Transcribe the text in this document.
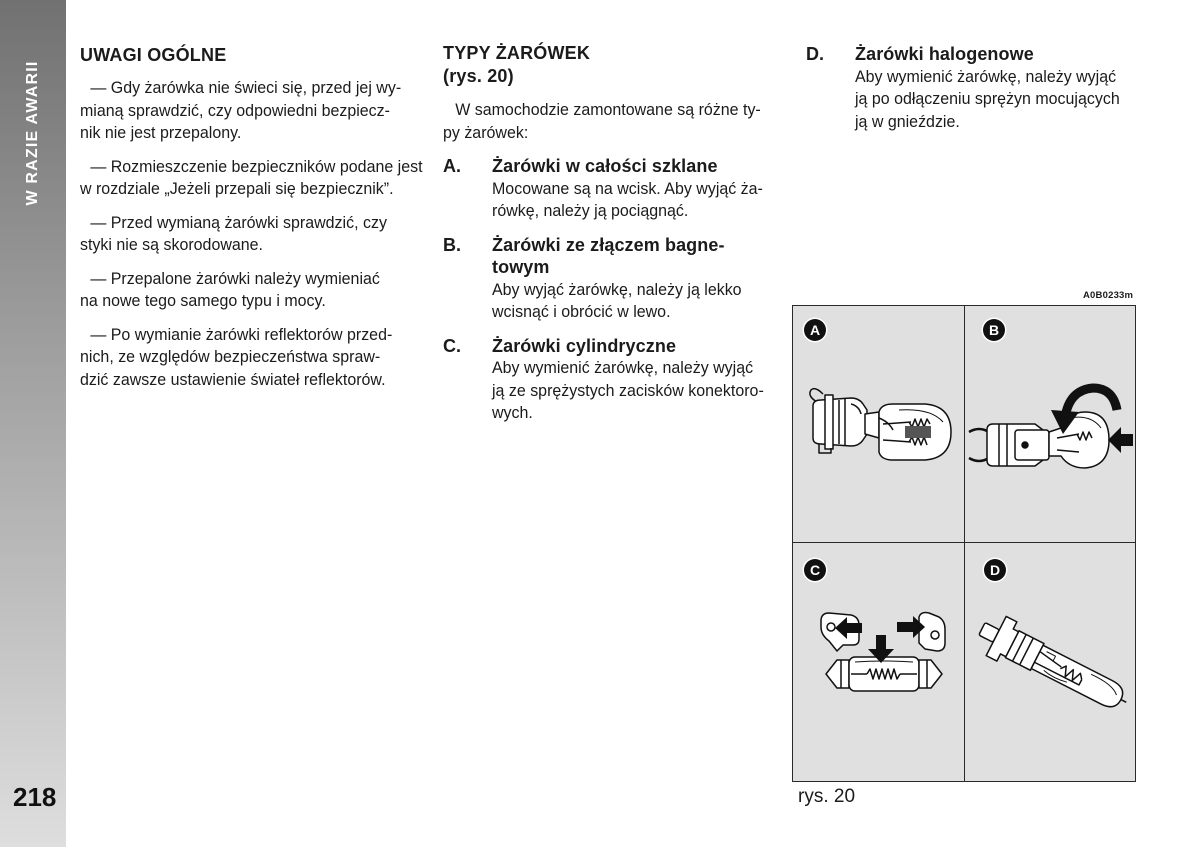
W RAZIE AWARII
218
UWAGI OGÓLNE
— Gdy żarówka nie świeci się, przed jej wy-
mianą sprawdzić, czy odpowiedni bezpiecz-
nik nie jest przepalony.
— Rozmieszczenie bezpieczników podane jest
w rozdziale „Jeżeli przepali się bezpiecznik”.
— Przed wymianą żarówki sprawdzić, czy
styki nie są skorodowane.
— Przepalone żarówki należy wymieniać
na nowe tego samego typu i mocy.
— Po wymianie żarówki reflektorów przed-
nich, ze względów bezpieczeństwa spraw-
dzić zawsze ustawienie świateł reflektorów.
TYPY ŻARÓWEK
(rys. 20)
W samochodzie zamontowane są różne ty-
py żarówek:
A. Żarówki w całości szklane
Mocowane są na wcisk. Aby wyjąć ża-
rówkę, należy ją pociągnąć.
B. Żarówki ze złączem bagne-
towym
Aby wyjąć żarówkę, należy ją lekko
wcisnąć i obrócić w lewo.
C. Żarówki cylindryczne
Aby wymienić żarówkę, należy wyjąć
ją ze sprężystych zacisków konektoro-
wych.
D. Żarówki halogenowe
Aby wymienić żarówkę, należy wyjąć
ją po odłączeniu sprężyn mocujących
ją w gnieździe.
A0B0233m
A	B
C	D
rys. 20
